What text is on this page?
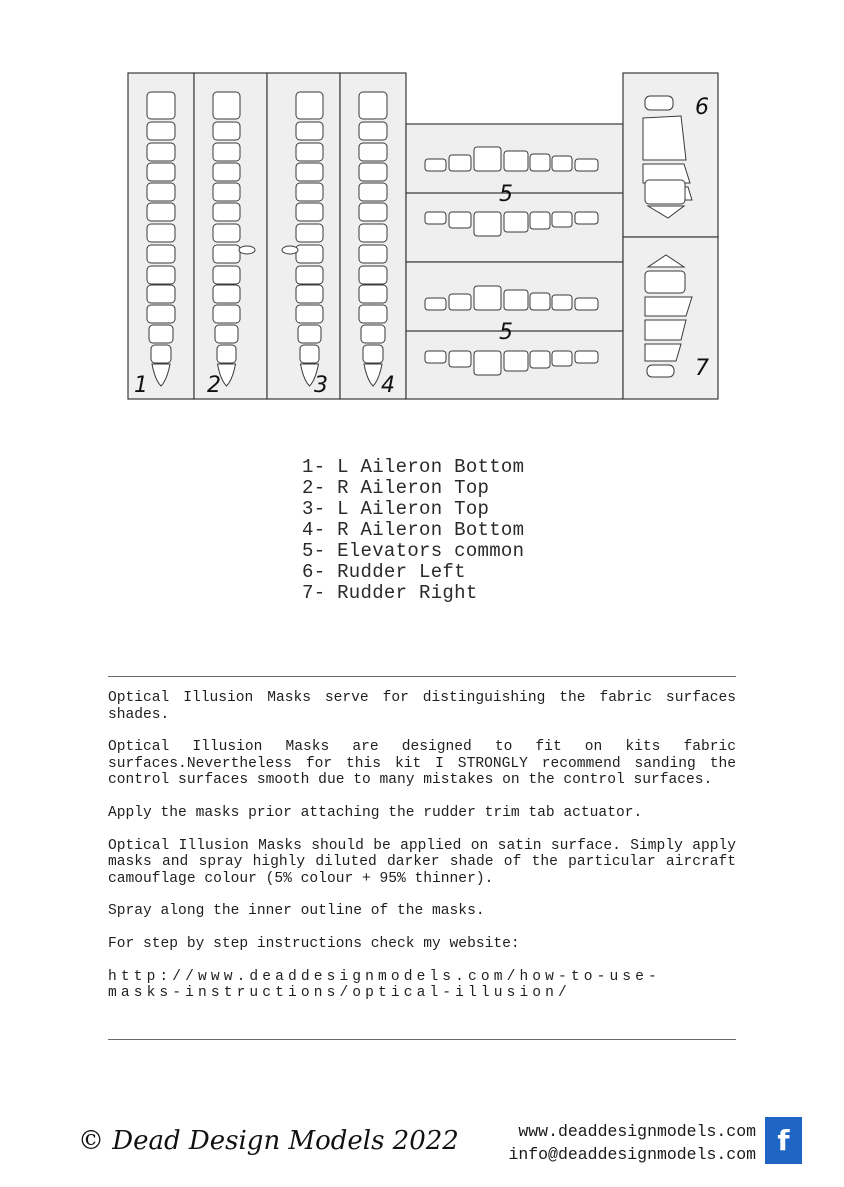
1	2	3 4
5
5
6
7
1- L Aileron Bottom
2- R Aileron Top
3- L Aileron Top
4- R Aileron Bottom
5- Elevators common
6- Rudder Left
7- Rudder Right

Optical Illusion Masks serve for distinguishing the fabric surfaces shades.

Optical Illusion Masks are designed to fit on kits fabric surfaces.Nevertheless for this kit I STRONGLY recommend sanding the control surfaces smooth due to many mistakes on the control surfaces.

Apply the masks prior attaching the rudder trim tab actuator.

Optical Illusion Masks should be applied on satin surface. Simply apply masks and spray highly diluted darker shade of the particular aircraft camouflage colour (5% colour + 95% thinner).

Spray along the inner outline of the masks.

For step by step instructions check my website:

http://www.deaddesignmodels.com/how-to-use-masks-instructions/optical-illusion/

© Dead Design Models 2022	www.deaddesignmodels.com
info@deaddesignmodels.com f
